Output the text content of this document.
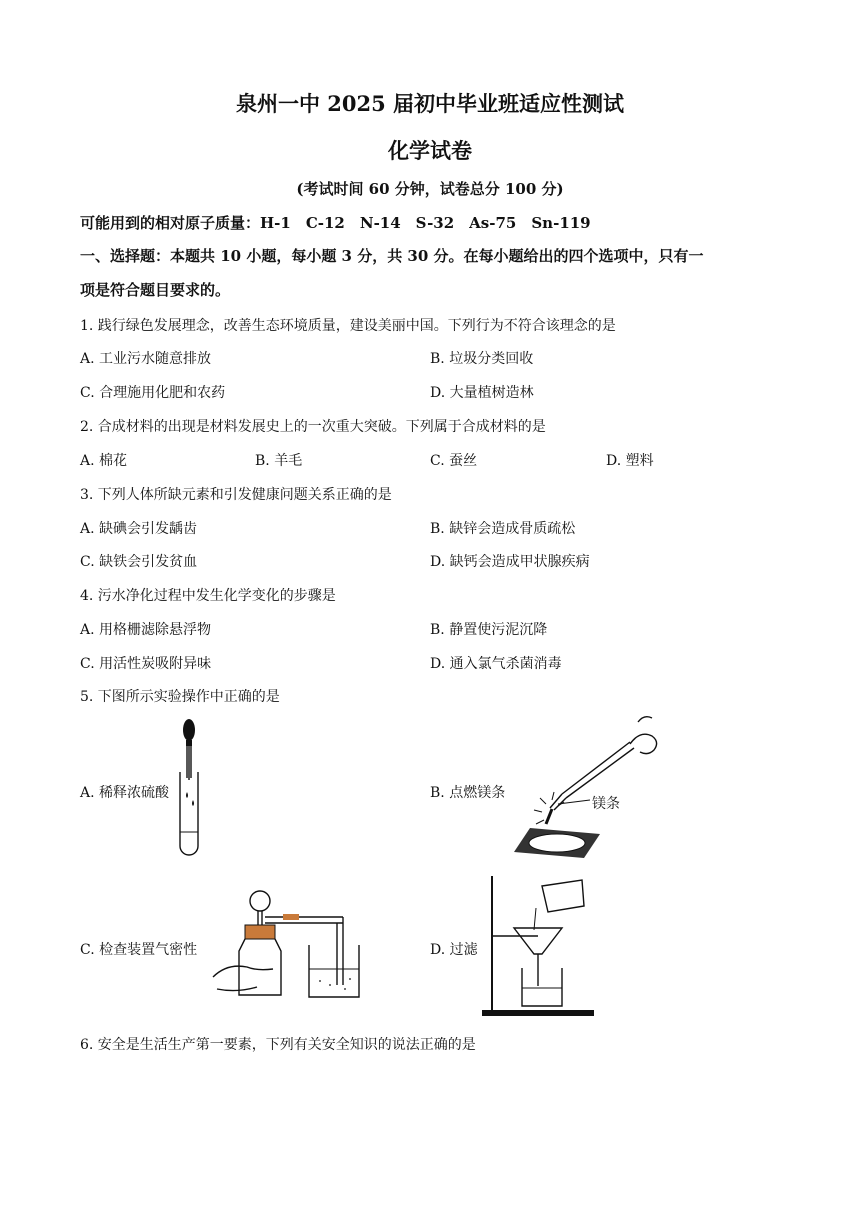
泉州一中 2025 届初中毕业班适应性测试
化学试卷
(考试时间 60 分钟，试卷总分 100 分)
可能用到的相对原子质量：H-1　C-12　N-14　S-32　As-75　Sn-119
一、选择题：本题共 10 小题，每小题 3 分，共 30 分。在每小题给出的四个选项中，只有一
项是符合题目要求的。
1. 践行绿色发展理念，改善生态环境质量，建设美丽中国。下列行为不符合该理念的是
A. 工业污水随意排放	B. 垃圾分类回收
C. 合理施用化肥和农药	D. 大量植树造林
2. 合成材料的出现是材料发展史上的一次重大突破。下列属于合成材料的是
A. 棉花	B. 羊毛	C. 蚕丝	D. 塑料
3. 下列人体所缺元素和引发健康问题关系正确的是
A. 缺碘会引发龋齿	B. 缺锌会造成骨质疏松
C. 缺铁会引发贫血	D. 缺钙会造成甲状腺疾病
4. 污水净化过程中发生化学变化的步骤是
A. 用格栅滤除悬浮物	B. 静置使污泥沉降
C. 用活性炭吸附异味	D. 通入氯气杀菌消毒
5. 下图所示实验操作中正确的是
A. 稀释浓硫酸	B. 点燃镁条
C. 检查装置气密性	D. 过滤
镁条
6. 安全是生活生产第一要素，下列有关安全知识的说法正确的是
